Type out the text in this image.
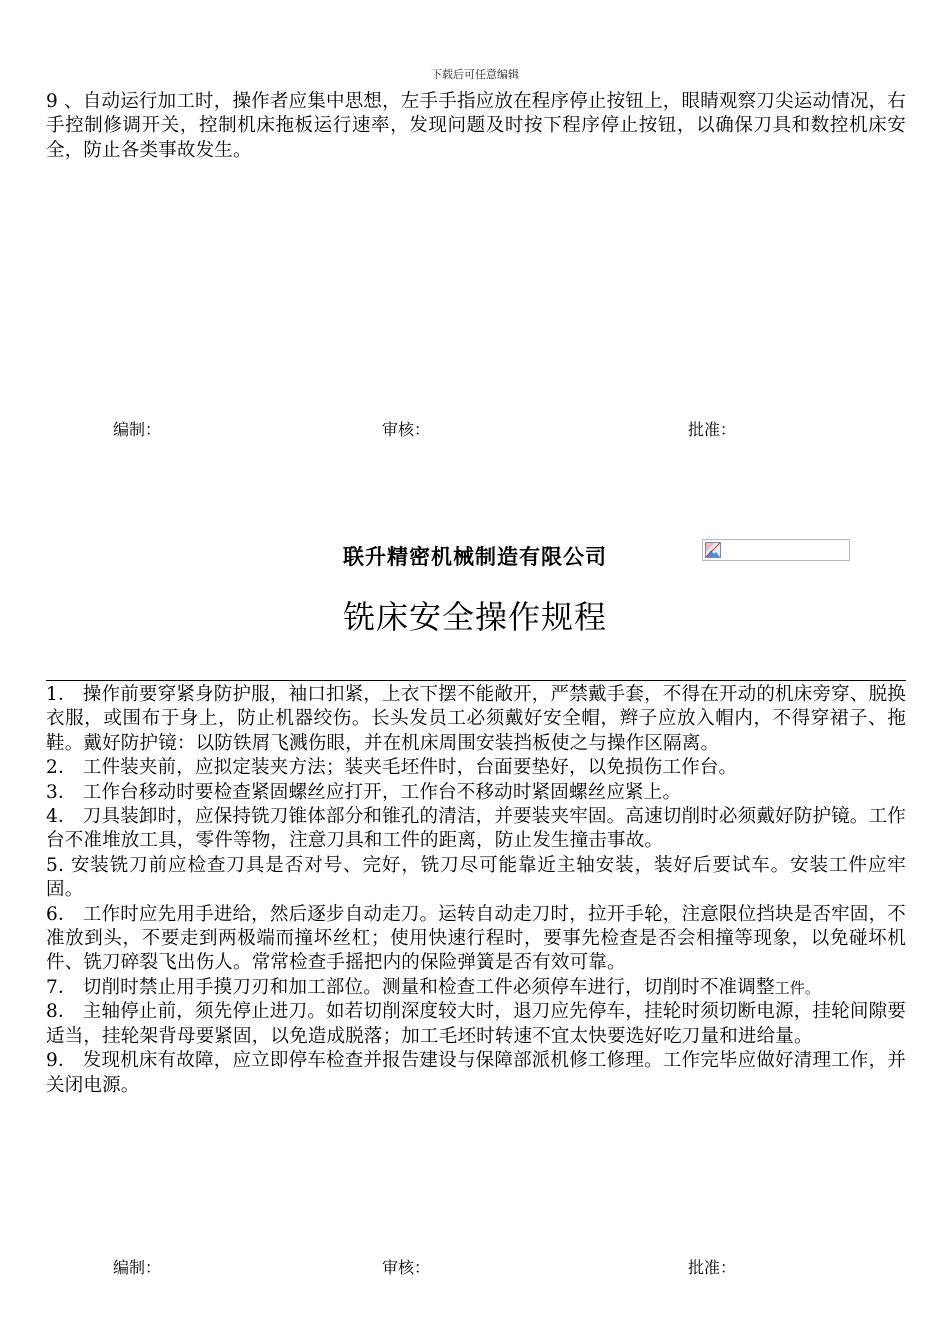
下载后可任意编辑
9 、自动运行加工时，操作者应集中思想，左手手指应放在程序停止按钮上，眼睛观察刀尖运动情况，右手控制修调开关，控制机床拖板运行速率，发现问题及时按下程序停止按钮，以确保刀具和数控机床安全，防止各类事故发生。
编制：	审核：	批准：
联升精密机械制造有限公司
铣床安全操作规程

1． 操作前要穿紧身防护服，袖口扣紧，上衣下摆不能敞开，严禁戴手套，不得在开动的机床旁穿、脱换衣服，或围布于身上，防止机器绞伤。长头发员工必须戴好安全帽，辫子应放入帽内，不得穿裙子、拖鞋。戴好防护镜：以防铁屑飞溅伤眼，并在机床周围安装挡板使之与操作区隔离。

2． 工件装夹前，应拟定装夹方法；装夹毛坯件时，台面要垫好，以免损伤工作台。

3． 工作台移动时要检查紧固螺丝应打开，工作台不移动时紧固螺丝应紧上。

4． 刀具装卸时，应保持铣刀锥体部分和锥孔的清洁，并要装夹牢固。高速切削时必须戴好防护镜。工作台不准堆放工具，零件等物，注意刀具和工件的距离，防止发生撞击事故。

5. 安装铣刀前应检查刀具是否对号、完好，铣刀尽可能靠近主轴安装，装好后要试车。安装工件应牢固。

6． 工作时应先用手进给，然后逐步自动走刀。运转自动走刀时，拉开手轮，注意限位挡块是否牢固，不准放到头，不要走到两极端而撞坏丝杠；使用快速行程时，要事先检查是否会相撞等现象，以免碰坏机件、铣刀碎裂飞出伤人。常常检查手摇把内的保险弹簧是否有效可靠。

7． 切削时禁止用手摸刀刃和加工部位。测量和检查工件必须停车进行，切削时不准调整工件。

8． 主轴停止前，须先停止进刀。如若切削深度较大时，退刀应先停车，挂轮时须切断电源，挂轮间隙要适当，挂轮架背母要紧固，以免造成脱落；加工毛坯时转速不宜太快要选好吃刀量和进给量。

9． 发现机床有故障，应立即停车检查并报告建设与保障部派机修工修理。工作完毕应做好清理工作，并关闭电源。

编制：	审核：	批准：
